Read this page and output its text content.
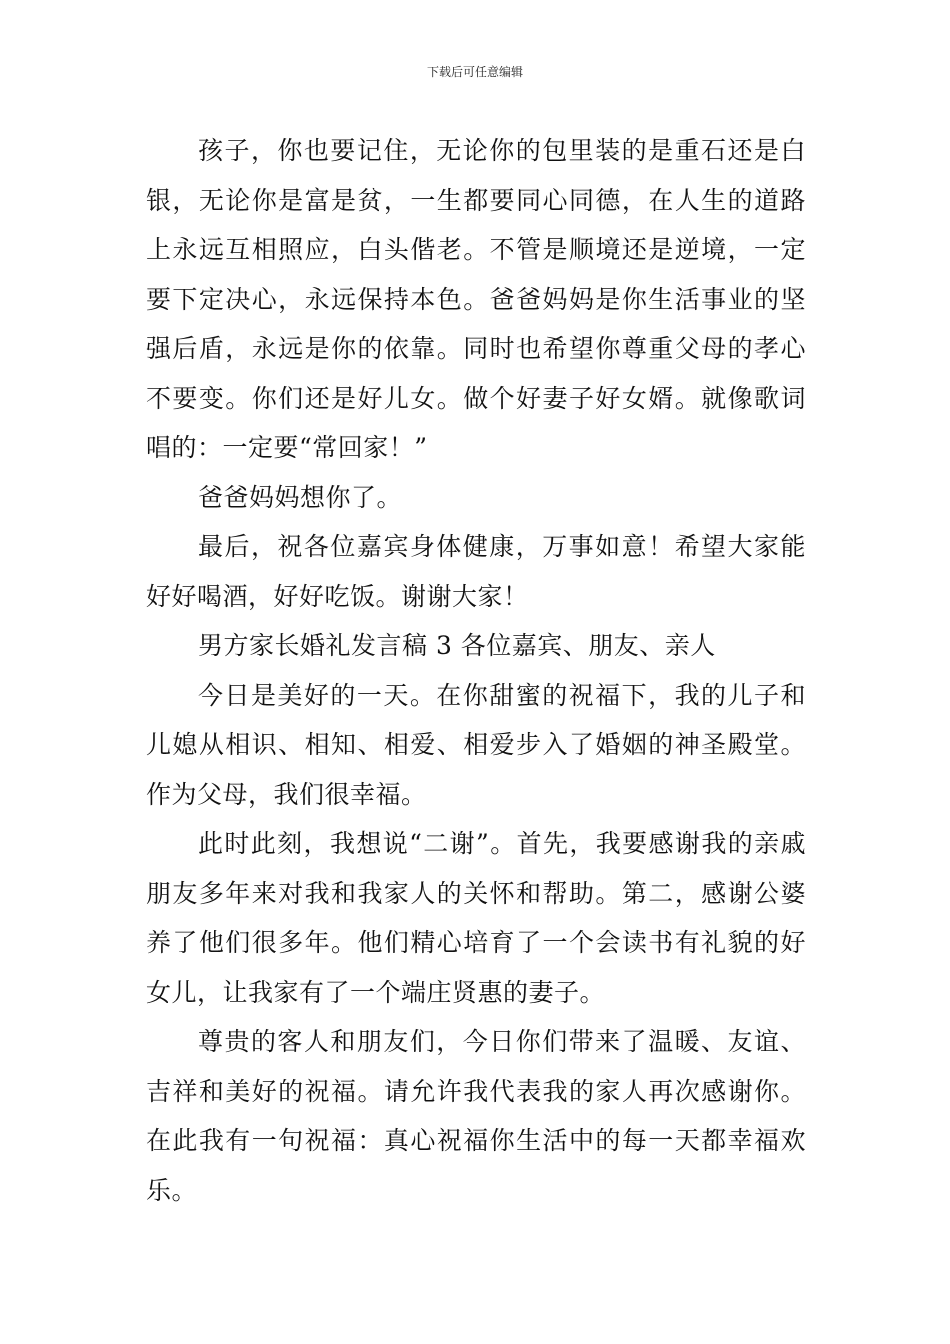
下载后可任意编辑

孩子，你也要记住，无论你的包里装的是重石还是白银，无论你是富是贫，一生都要同心同德，在人生的道路上永远互相照应，白头偕老。不管是顺境还是逆境，一定要下定决心，永远保持本色。爸爸妈妈是你生活事业的坚强后盾，永远是你的依靠。同时也希望你尊重父母的孝心不要变。你们还是好儿女。做个好妻子好女婿。就像歌词唱的：一定要“常回家！”

爸爸妈妈想你了。

最后，祝各位嘉宾身体健康，万事如意！希望大家能好好喝酒，好好吃饭。谢谢大家！

男方家长婚礼发言稿 3 各位嘉宾、朋友、亲人

今日是美好的一天。在你甜蜜的祝福下，我的儿子和儿媳从相识、相知、相爱、相爱步入了婚姻的神圣殿堂。作为父母，我们很幸福。

此时此刻，我想说“二谢”。首先，我要感谢我的亲戚朋友多年来对我和我家人的关怀和帮助。第二，感谢公婆养了他们很多年。他们精心培育了一个会读书有礼貌的好女儿，让我家有了一个端庄贤惠的妻子。

尊贵的客人和朋友们，今日你们带来了温暖、友谊、吉祥和美好的祝福。请允许我代表我的家人再次感谢你。在此我有一句祝福：真心祝福你生活中的每一天都幸福欢乐。
